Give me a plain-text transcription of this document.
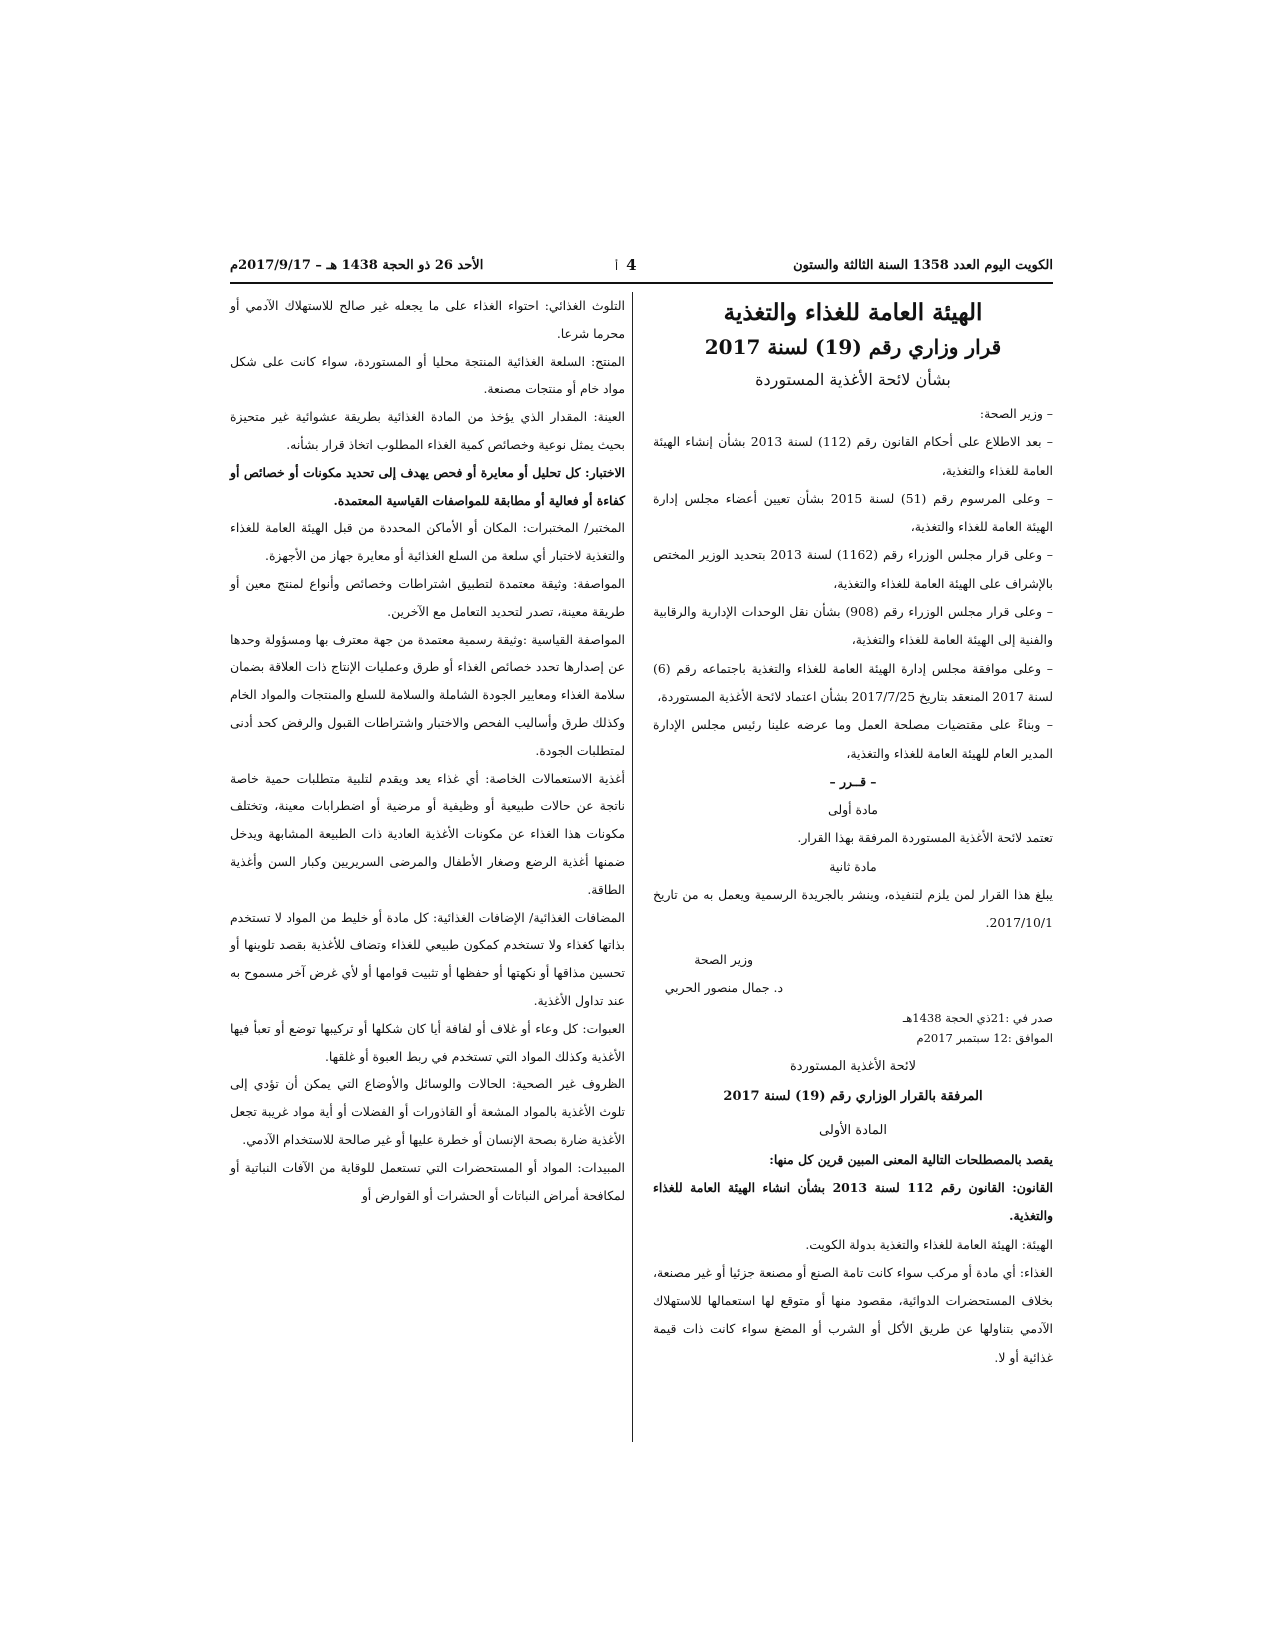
الكويت اليوم العدد 1358 السنة الثالثة والستون
4أ
الأحد 26 ذو الحجة 1438 هـ – 2017/9/17م
الهيئة العامة للغذاء والتغذية
قرار وزاري رقم (19) لسنة 2017
بشأن لائحة الأغذية المستوردة

– وزير الصحة:

– بعد الاطلاع على أحكام القانون رقم (112) لسنة 2013 بشأن إنشاء الهيئة العامة للغذاء والتغذية،

– وعلى المرسوم رقم (51) لسنة 2015 بشأن تعيين أعضاء مجلس إدارة الهيئة العامة للغذاء والتغذية،

– وعلى قرار مجلس الوزراء رقم (1162) لسنة 2013 بتحديد الوزير المختص بالإشراف على الهيئة العامة للغذاء والتغذية،

– وعلى قرار مجلس الوزراء رقم (908) بشأن نقل الوحدات الإدارية والرقابية والفنية إلى الهيئة العامة للغذاء والتغذية،

– وعلى موافقة مجلس إدارة الهيئة العامة للغذاء والتغذية باجتماعه رقم (6) لسنة 2017 المنعقد بتاريخ 2017/7/25 بشأن اعتماد لائحة الأغذية المستوردة،

– وبناءً على مقتضيات مصلحة العمل وما عرضه علينا رئيس مجلس الإدارة المدير العام للهيئة العامة للغذاء والتغذية،

– قــرر –

مادة أولى

تعتمد لائحة الأغذية المستوردة المرفقة بهذا القرار.

مادة ثانية

يبلغ هذا القرار لمن يلزم لتنفيذه، وينشر بالجريدة الرسمية ويعمل به من تاريخ 2017/10/1.

وزير الصحة
د. جمال منصور الحربي
صدر في :21ذي الحجة 1438هـ
الموافق :12 سبتمبر 2017م
لائحة الأغذية المستوردة
المرفقة بالقرار الوزاري رقم (19) لسنة 2017
المادة الأولى

يقصد بالمصطلحات التالية المعنى المبين قرين كل منها:

القانون: القانون رقم 112 لسنة 2013 بشأن انشاء الهيئة العامة للغذاء والتغذية.

الهيئة: الهيئة العامة للغذاء والتغذية بدولة الكويت.

الغذاء: أي مادة أو مركب سواء كانت تامة الصنع أو مصنعة جزئيا أو غير مصنعة، بخلاف المستحضرات الدوائية، مقصود منها أو متوقع لها استعمالها للاستهلاك الآدمي بتناولها عن طريق الأكل أو الشرب أو المضغ سواء كانت ذات قيمة غذائية أو لا.

التلوث الغذائي: احتواء الغذاء على ما يجعله غير صالح للاستهلاك الآدمي أو محرما شرعا.

المنتج: السلعة الغذائية المنتجة محليا أو المستوردة، سواء كانت على شكل مواد خام أو منتجات مصنعة.

العينة: المقدار الذي يؤخذ من المادة الغذائية بطريقة عشوائية غير متحيزة بحيث يمثل نوعية وخصائص كمية الغذاء المطلوب اتخاذ قرار بشأنه.

الاختبار: كل تحليل أو معايرة أو فحص يهدف إلى تحديد مكونات أو خصائص أو كفاءة أو فعالية أو مطابقة للمواصفات القياسية المعتمدة.

المختبر/ المختبرات: المكان أو الأماكن المحددة من قبل الهيئة العامة للغذاء والتغذية لاختبار أي سلعة من السلع الغذائية أو معايرة جهاز من الأجهزة.

المواصفة: وثيقة معتمدة لتطبيق اشتراطات وخصائص وأنواع لمنتج معين أو طريقة معينة، تصدر لتحديد التعامل مع الآخرين.

المواصفة القياسية :وثيقة رسمية معتمدة من جهة معترف بها ومسؤولة وحدها عن إصدارها تحدد خصائص الغذاء أو طرق وعمليات الإنتاج ذات العلاقة بضمان سلامة الغذاء ومعايير الجودة الشاملة والسلامة للسلع والمنتجات والمواد الخام وكذلك طرق وأساليب الفحص والاختبار واشتراطات القبول والرفض كحد أدنى لمتطلبات الجودة.

أغذية الاستعمالات الخاصة: أي غذاء يعد ويقدم لتلبية متطلبات حمية خاصة ناتجة عن حالات طبيعية أو وظيفية أو مرضية أو اضطرابات معينة، وتختلف مكونات هذا الغذاء عن مكونات الأغذية العادية ذات الطبيعة المشابهة ويدخل ضمنها أغذية الرضع وصغار الأطفال والمرضى السريريين وكبار السن وأغذية الطاقة.

المضافات الغذائية/ الإضافات الغذائية: كل مادة أو خليط من المواد لا تستخدم بذاتها كغذاء ولا تستخدم كمكون طبيعي للغذاء وتضاف للأغذية بقصد تلوينها أو تحسين مذاقها أو نكهتها أو حفظها أو تثبيت قوامها أو لأي غرض آخر مسموح به عند تداول الأغذية.

العبوات: كل وعاء أو غلاف أو لفافة أيا كان شكلها أو تركيبها توضع أو تعبأ فيها الأغذية وكذلك المواد التي تستخدم في ربط العبوة أو غلقها.

الظروف غير الصحية: الحالات والوسائل والأوضاع التي يمكن أن تؤدي إلى تلوث الأغذية بالمواد المشعة أو القاذورات أو الفضلات أو أية مواد غريبة تجعل الأغذية ضارة بصحة الإنسان أو خطرة عليها أو غير صالحة للاستخدام الآدمي.

المبيدات: المواد أو المستحضرات التي تستعمل للوقاية من الآفات النباتية أو لمكافحة أمراض النباتات أو الحشرات أو القوارض أو
